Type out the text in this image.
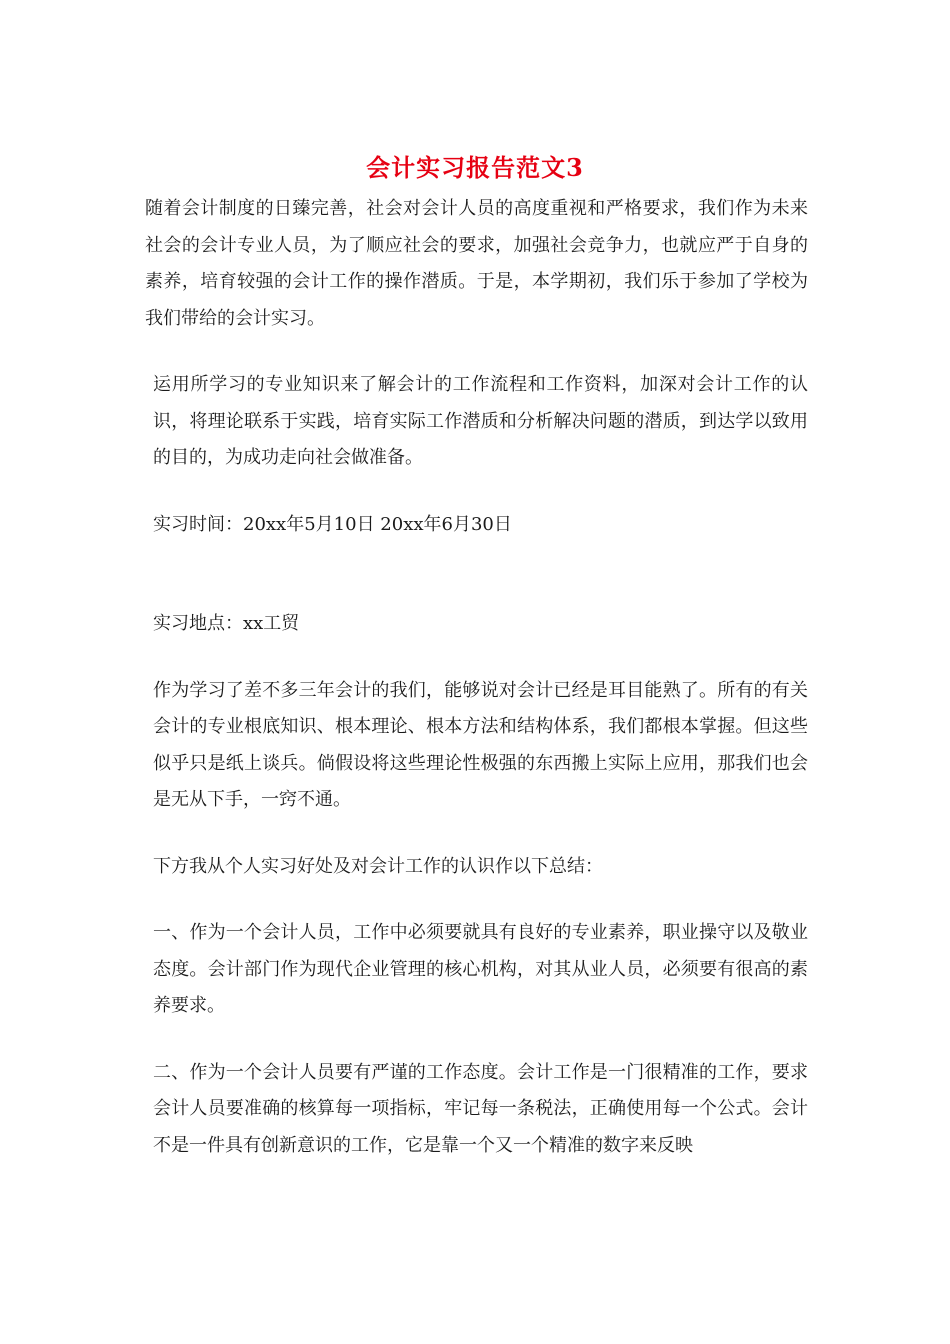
会计实习报告范文3

随着会计制度的日臻完善，社会对会计人员的高度重视和严格要求，我们作为未来社会的会计专业人员，为了顺应社会的要求，加强社会竞争力，也就应严于自身的素养，培育较强的会计工作的操作潜质。于是，本学期初，我们乐于参加了学校为我们带给的会计实习。

运用所学习的专业知识来了解会计的工作流程和工作资料，加深对会计工作的认识，将理论联系于实践，培育实际工作潜质和分析解决问题的潜质，到达学以致用的目的，为成功走向社会做准备。

实习时间：20xx年5月10日 20xx年6月30日

实习地点：xx工贸

作为学习了差不多三年会计的我们，能够说对会计已经是耳目能熟了。所有的有关会计的专业根底知识、根本理论、根本方法和结构体系，我们都根本掌握。但这些似乎只是纸上谈兵。倘假设将这些理论性极强的东西搬上实际上应用，那我们也会是无从下手，一窍不通。

下方我从个人实习好处及对会计工作的认识作以下总结：

一、作为一个会计人员，工作中必须要就具有良好的专业素养，职业操守以及敬业态度。会计部门作为现代企业管理的核心机构，对其从业人员，必须要有很高的素养要求。

二、作为一个会计人员要有严谨的工作态度。会计工作是一门很精准的工作，要求会计人员要准确的核算每一项指标，牢记每一条税法，正确使用每一个公式。会计不是一件具有创新意识的工作，它是靠一个又一个精准的数字来反映
